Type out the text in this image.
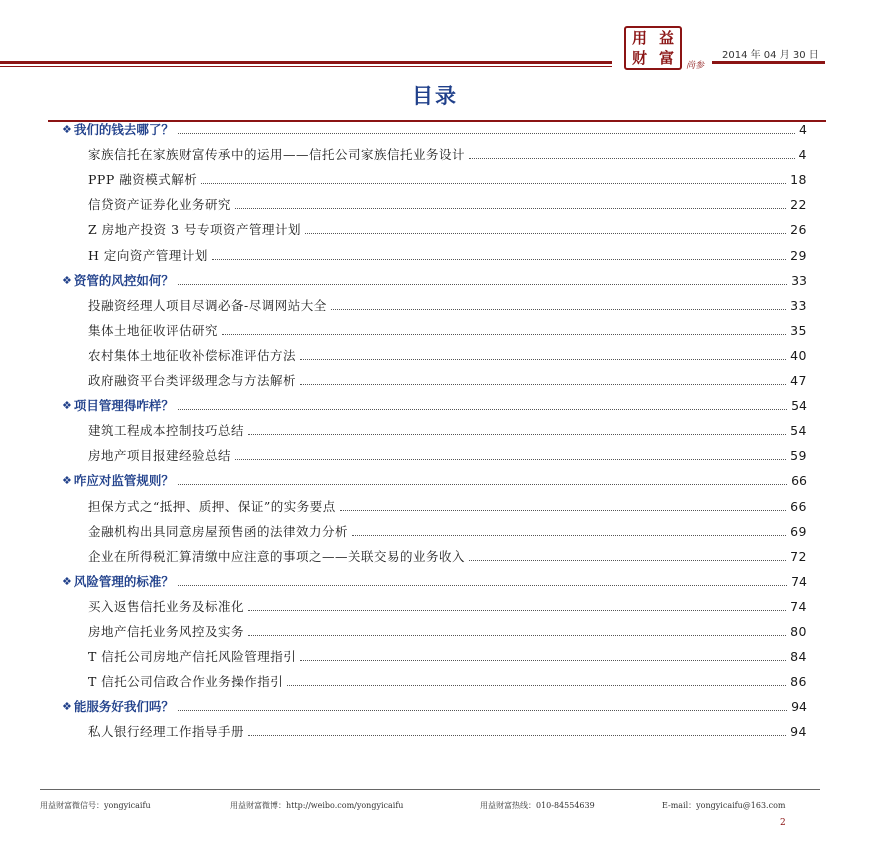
用 益
财 富	尚参
2014 年 04 月 30 日
目录
❖ 我们的钱去哪了？	4
家族信托在家族财富传承中的运用——信托公司家族信托业务设计	4
PPP 融资模式解析	18
信贷资产证券化业务研究	22
Z 房地产投资 3 号专项资产管理计划	26
H 定向资产管理计划	29
❖ 资管的风控如何？	33
投融资经理人项目尽调必备-尽调网站大全	33
集体土地征收评估研究	35
农村集体土地征收补偿标准评估方法	40
政府融资平台类评级理念与方法解析	47
❖ 项目管理得咋样？	54
建筑工程成本控制技巧总结	54
房地产项目报建经验总结	59
❖ 咋应对监管规则？	66
担保方式之“抵押、质押、保证”的实务要点	66
金融机构出具同意房屋预售函的法律效力分析	69
企业在所得税汇算清缴中应注意的事项之——关联交易的业务收入	72
❖ 风险管理的标准？	74
买入返售信托业务及标准化	74
房地产信托业务风控及实务	80
T 信托公司房地产信托风险管理指引	84
T 信托公司信政合作业务操作指引	86
❖ 能服务好我们吗？	94
私人银行经理工作指导手册	94
用益财富微信号：yongyicaifu	用益财富微博：http://weibo.com/yongyicaifu	用益财富热线：010-84554639	E-mail：yongyicaifu@163.com
2
